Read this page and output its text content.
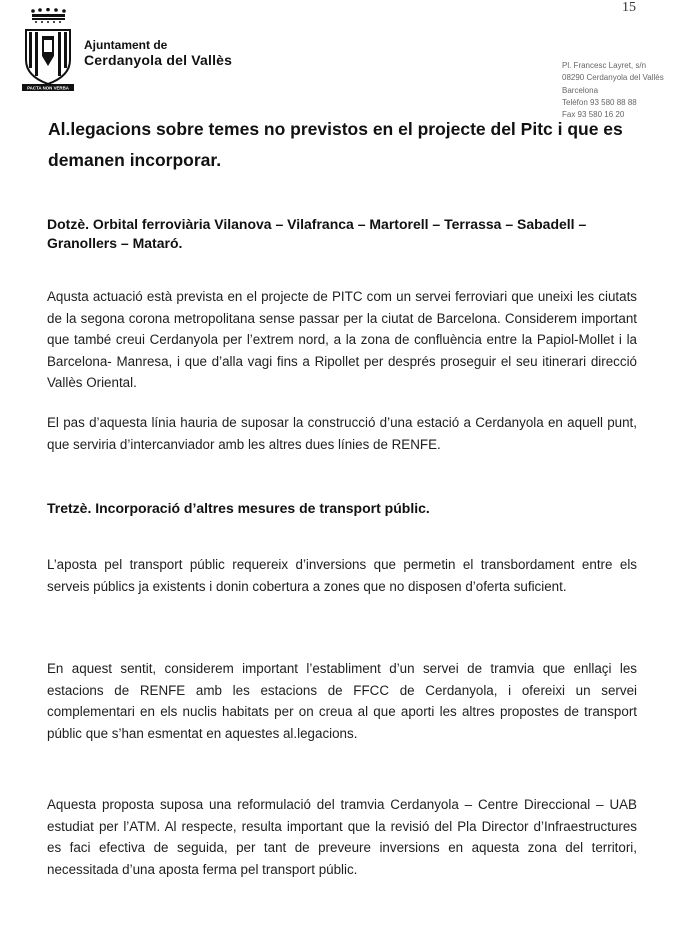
15
PACTA NON VERBA
Ajuntament de
Cerdanyola del Vallès	Pl. Francesc Layret, s/n
08290 Cerdanyola del Vallès
Barcelona
Telèfon 93 580 88 88
Fax 93 580 16 20
Al.legacions sobre temes no previstos en el projecte del Pitc i que es demanen incorporar.
Dotzè. Orbital ferroviària Vilanova – Vilafranca – Martorell – Terrassa – Sabadell – Granollers – Mataró.

Aqusta actuació està prevista en el projecte de PITC com un servei ferroviari que uneixi les ciutats de la segona corona metropolitana sense passar per la ciutat de Barcelona. Considerem important que també creui Cerdanyola per l’extrem nord, a la zona de confluència entre la Papiol-Mollet i la Barcelona- Manresa, i que d’alla vagi fins a Ripollet per després proseguir el seu itinerari direcció Vallès Oriental.

El pas d’aquesta línia hauria de suposar la construcció d’una estació a Cerdanyola en aquell punt, que serviria d’intercanviador amb les altres dues línies de RENFE.

Tretzè. Incorporació d’altres mesures de transport públic.

L’aposta pel transport públic requereix d’inversions que permetin el transbordament entre els serveis públics ja existents i donin cobertura a zones que no disposen d’oferta suficient.

En aquest sentit, considerem important l’establiment d’un servei de tramvia que enllaçi les estacions de RENFE amb les estacions de FFCC de Cerdanyola, i ofereixi un servei complementari en els nuclis habitats per on creua al que aporti les altres propostes de transport públic que s’han esmentat en aquestes al.legacions.

Aquesta proposta suposa una reformulació del tramvia Cerdanyola – Centre Direccional – UAB estudiat per l’ATM. Al respecte, resulta important que la revisió del Pla Director d’Infraestructures es faci efectiva de seguida, per tant de preveure inversions en aquesta zona del territori, necessitada d’una aposta ferma pel transport públic.
